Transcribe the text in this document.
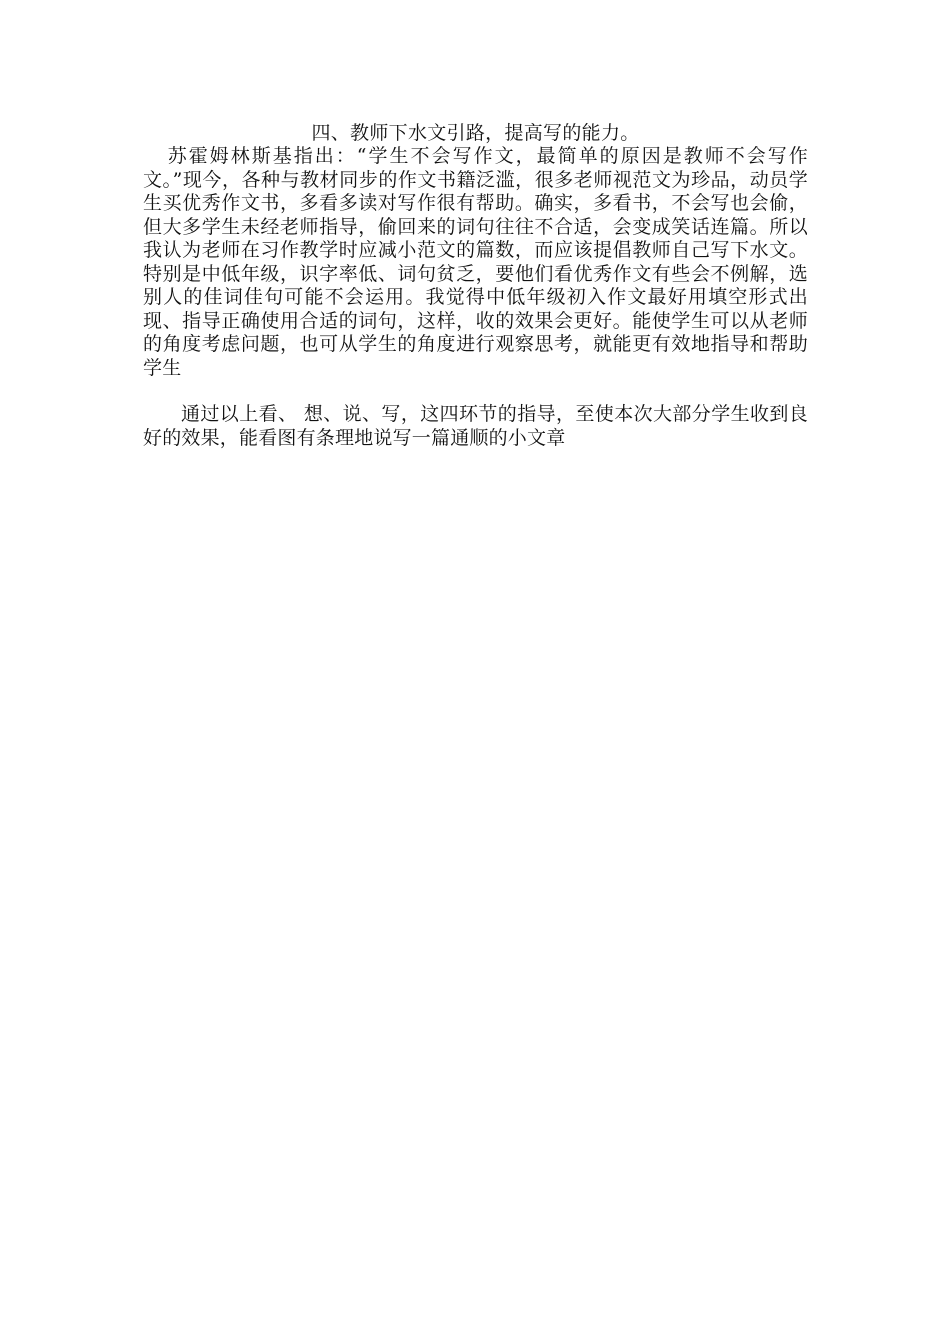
四、教师下水文引路，提高写的能力。

苏霍姆林斯基指出：“学生不会写作文，最简单的原因是教师不会写作文。”现今，各种与教材同步的作文书籍泛滥，很多老师视范文为珍品，动员学生买优秀作文书，多看多读对写作很有帮助。确实，多看书，不会写也会偷，但大多学生未经老师指导，偷回来的词句往往不合适，会变成笑话连篇。所以我认为老师在习作教学时应减小范文的篇数，而应该提倡教师自己写下水文。特别是中低年级，识字率低、词句贫乏，要他们看优秀作文有些会不例解，选别人的佳词佳句可能不会运用。我觉得中低年级初入作文最好用填空形式出现、指导正确使用合适的词句，这样，收的效果会更好。能使学生可以从老师的角度考虑问题，也可从学生的角度进行观察思考，就能更有效地指导和帮助学生

通过以上看、 想、说、写，这四环节的指导，至使本次大部分学生收到良好的效果，能看图有条理地说写一篇通顺的小文章
